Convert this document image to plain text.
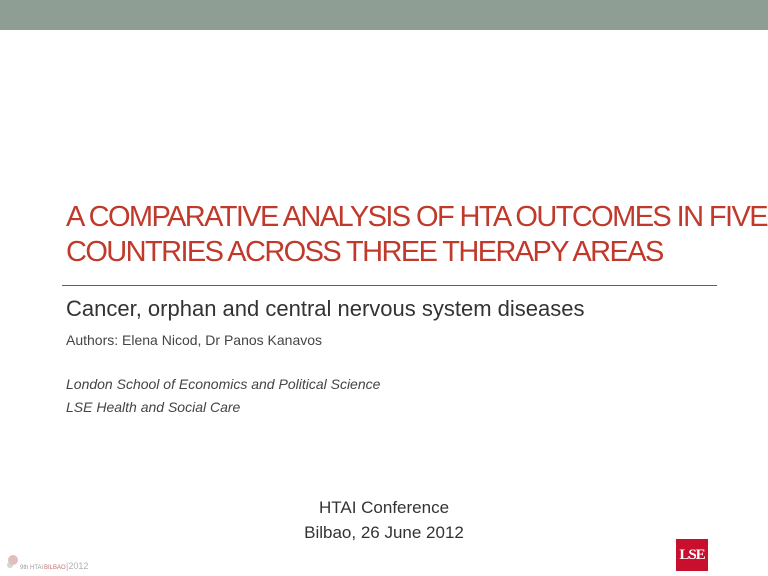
A COMPARATIVE ANALYSIS OF HTA OUTCOMES IN FIVE
COUNTRIES ACROSS THREE THERAPY AREAS
Cancer, orphan and central nervous system diseases
Authors: Elena Nicod, Dr Panos Kanavos
London School of Economics and Political Science
LSE Health and Social Care
HTAI Conference
Bilbao, 26 June 2012
9th HTAi BILBAO |2012
LSE
